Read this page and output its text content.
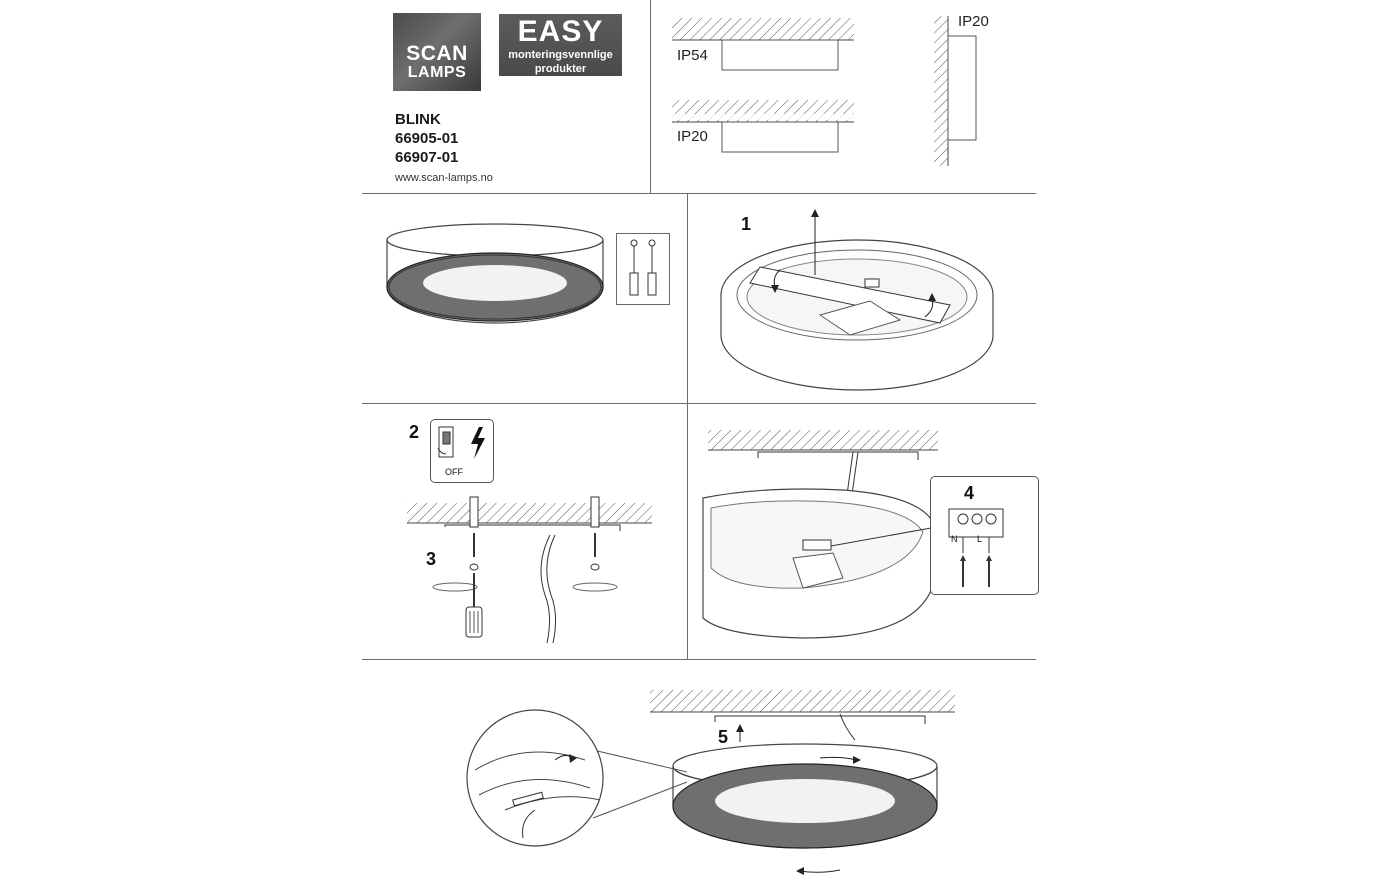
SCAN
LAMPS
EASY
monteringsvennlige
produkter
BLINK
66905-01
66907-01
www.scan-lamps.no
IP54
IP20
IP20
1
2
OFF
3
4
N L
5
